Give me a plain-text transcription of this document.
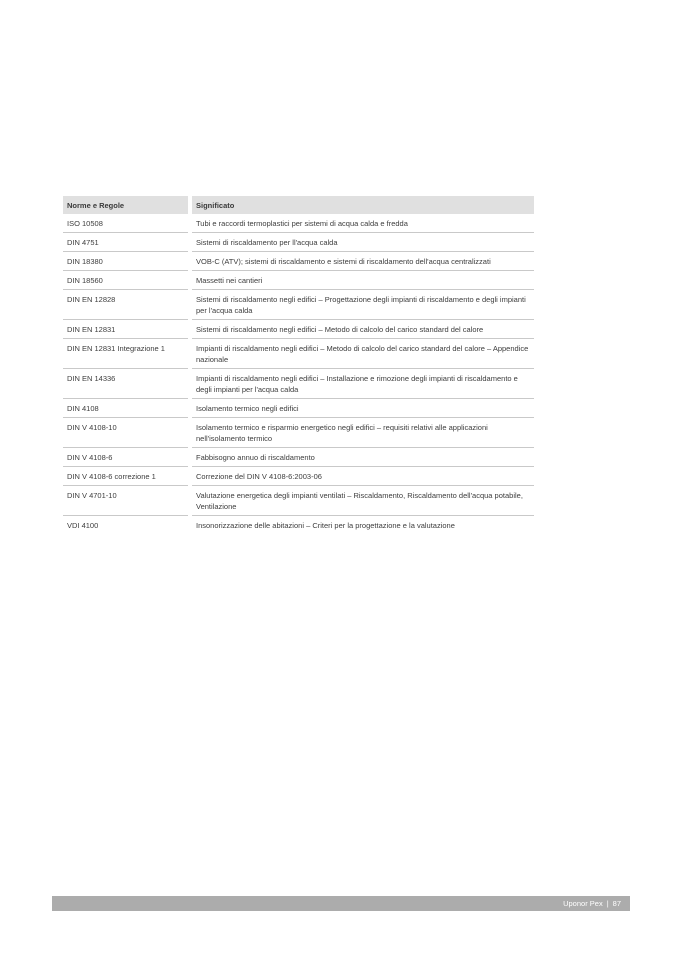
Norme e Regole	Significato
ISO 10508	Tubi e raccordi termoplastici per sistemi di acqua calda e fredda
DIN 4751	Sistemi di riscaldamento per ll'acqua calda
DIN 18380	VOB-C (ATV); sistemi di riscaldamento e sistemi di riscaldamento dell'acqua centralizzati
DIN 18560	Massetti nei cantieri
DIN EN 12828	Sistemi di riscaldamento negli edifici – Progettazione degli impianti di riscaldamento e degli impianti per l'acqua calda
DIN EN 12831	Sistemi di riscaldamento negli edifici – Metodo di calcolo del carico standard del calore
DIN EN 12831 Integrazione 1	Impianti di riscaldamento negli edifici – Metodo di calcolo del carico standard del calore – Appendice nazionale
DIN EN 14336	Impianti di riscaldamento negli edifici – Installazione e rimozione degli impianti di riscaldamento e degli impianti per l'acqua calda
DIN 4108	Isolamento termico negli edifici
DIN V 4108-10	Isolamento termico e risparmio energetico negli edifici – requisiti relativi alle applicazioni nell'isolamento termico
DIN V 4108-6	Fabbisogno annuo di riscaldamento
DIN V 4108-6 correzione 1	Correzione del DIN V 4108-6:2003-06
DIN V 4701-10	Valutazione energetica degli impianti ventilati – Riscaldamento, Riscaldamento dell'acqua potabile, Ventilazione
VDI 4100	Insonorizzazione delle abitazioni – Criteri per la progettazione e la valutazione
Uponor Pex | 87
